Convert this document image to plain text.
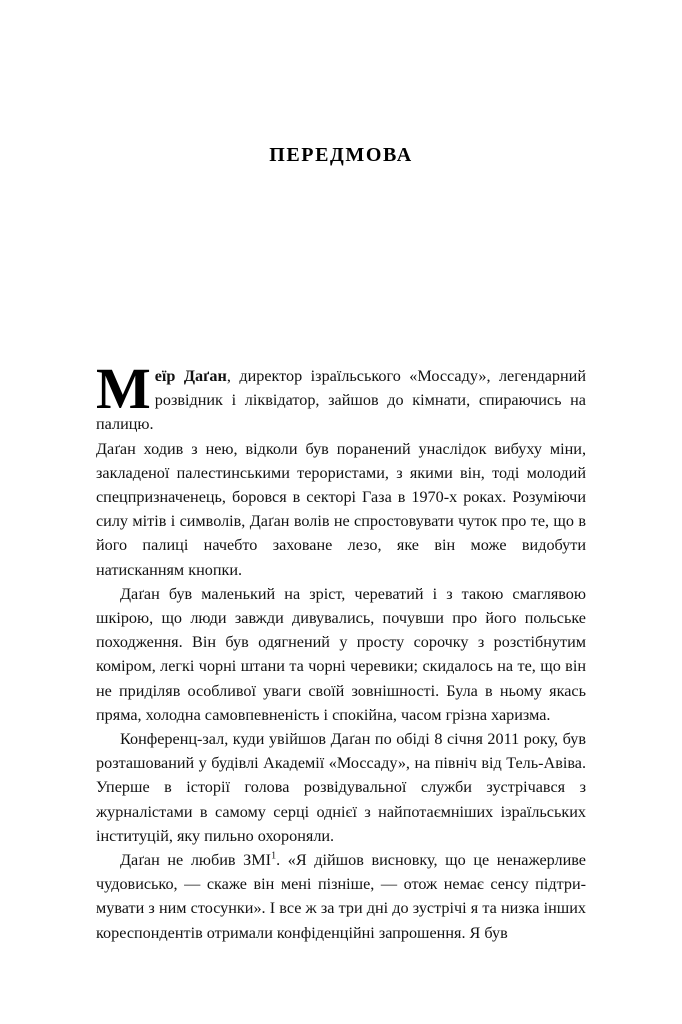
передмова

Меїр Даґан, директор ізраїльського «Моссаду», легендарний розвідник і ліквідатор, зайшов до кімнати, спираючись на палицю.

Даґан ходив з нею, відколи був поранений унаслідок вибуху міни, закладеної палестинськими терористами, з якими він, тоді молодий спецпризначенець, боровся в секторі Газа в 1970-х роках. Розуміючи силу мітів і символів, Даґан волів не спростовувати чуток про те, що в його палиці начебто заховане лезо, яке він може видобути натисканням кнопки.

Даґан був маленький на зріст, череватий і з такою смаглявою шкірою, що люди завжди дивувались, почувши про його польське походження. Він був одягнений у просту сорочку з розстібнутим коміром, легкі чорні штани та чорні черевики; скидалось на те, що він не приділяв особливої уваги своїй зовнішності. Була в ньому якась пряма, холодна самовпевненість і спокійна, часом грізна харизма.

Конференц-зал, куди увійшов Даґан по обіді 8 січня 2011 року, був розташований у будівлі Академії «Моссаду», на північ від Тель-Авіва. Уперше в історії голова розвідувальної служби зустрічався з журналістами в самому серці однієї з найпотаємніших ізраїльських інституцій, яку пильно охороняли.

Даґан не любив ЗМІ$^1$. «Я дійшов висновку, що це ненажерливе чудовисько, — скаже він мені пізніше, — отож немає сенсу підтримувати з ним стосунки». І все ж за три дні до зустрічі я та низка інших кореспондентів отримали конфіденційні запрошення. Я був
